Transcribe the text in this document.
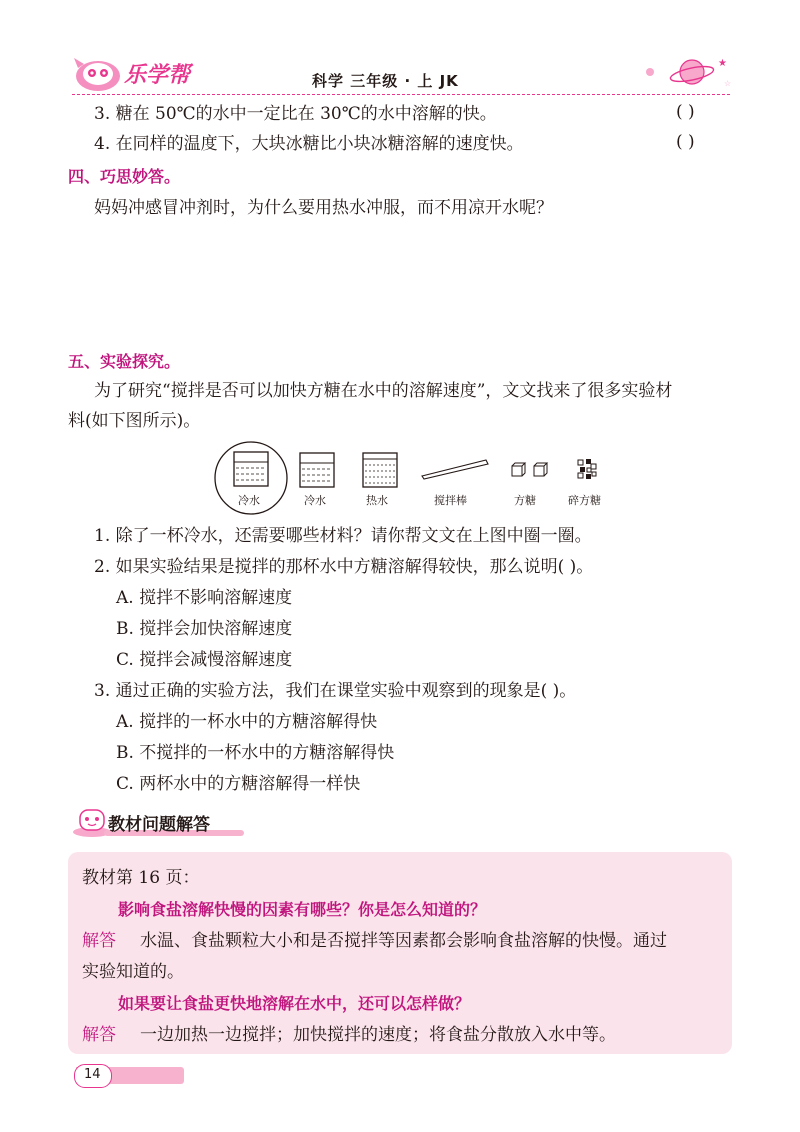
乐学帮	科学 三年级 · 上 JK
★
☆
3. 糖在 50℃的水中一定比在 30℃的水中溶解的快。	( )
4. 在同样的温度下，大块冰糖比小块冰糖溶解的速度快。	( )
四、巧思妙答。
妈妈冲感冒冲剂时，为什么要用热水冲服，而不用凉开水呢？
五、实验探究。
为了研究“搅拌是否可以加快方糖在水中的溶解速度”，文文找来了很多实验材
料(如下图所示)。
冷水	冷水	热水	搅拌棒	方糖	碎方糖
1. 除了一杯冷水，还需要哪些材料？请你帮文文在上图中圈一圈。
2. 如果实验结果是搅拌的那杯水中方糖溶解得较快，那么说明( )。
A. 搅拌不影响溶解速度
B. 搅拌会加快溶解速度
C. 搅拌会减慢溶解速度
3. 通过正确的实验方法，我们在课堂实验中观察到的现象是( )。
A. 搅拌的一杯水中的方糖溶解得快
B. 不搅拌的一杯水中的方糖溶解得快
C. 两杯水中的方糖溶解得一样快
教材问题解答
教材第 16 页：
影响食盐溶解快慢的因素有哪些？你是怎么知道的？
解答 水温、食盐颗粒大小和是否搅拌等因素都会影响食盐溶解的快慢。通过
实验知道的。
如果要让食盐更快地溶解在水中，还可以怎样做？
解答 一边加热一边搅拌；加快搅拌的速度；将食盐分散放入水中等。
14
